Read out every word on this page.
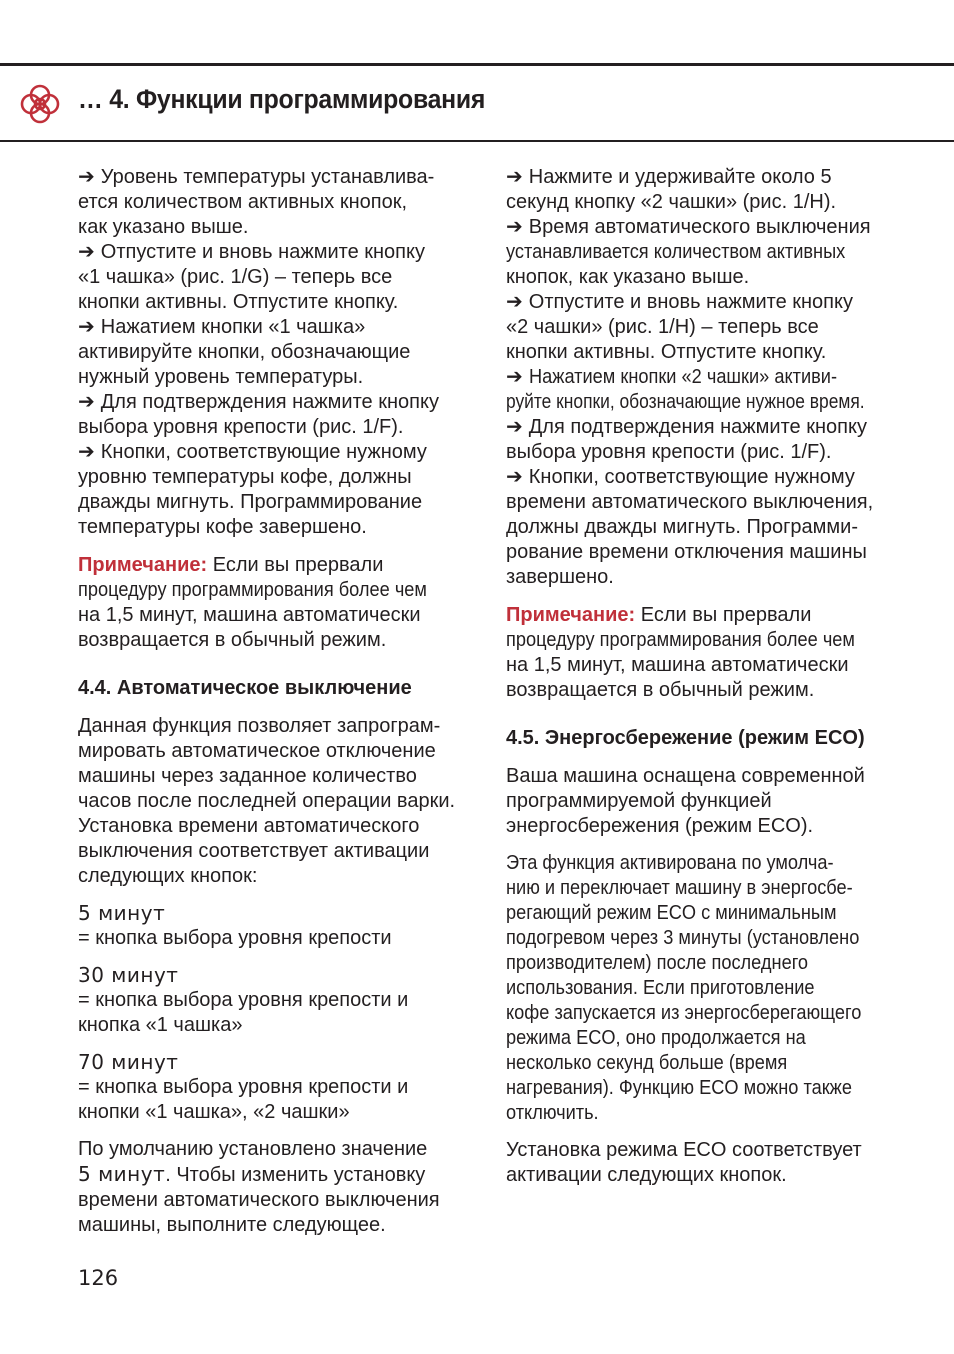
… 4. Функции программирования
➔ Уровень температуры устанавлива-
ется количеством активных кнопок,
как указано выше.
➔ Отпустите и вновь нажмите кнопку
«1 чашка» (рис. 1/G) – теперь все
кнопки активны. Отпустите кнопку.
➔ Нажатием кнопки «1 чашка»
активируйте кнопки, обозначающие
нужный уровень температуры.
➔ Для подтверждения нажмите кнопку
выбора уровня крепости (рис. 1/F).
➔ Кнопки, соответствующие нужному
уровню температуры кофе, должны
дважды мигнуть. Программирование
температуры кофе завершено.
Примечание: Если вы прервали
процедуру программирования более чем
на 1,5 минут, машина автоматически
возвращается в обычный режим.
4.4. Автоматическое выключение
Данная функция позволяет запрограм-
мировать автоматическое отключение
машины через заданное количество
часов после последней операции варки.
Установка времени автоматического
выключения соответствует активации
следующих кнопок:
5 минут
= кнопка выбора уровня крепости
30 минут
= кнопка выбора уровня крепости и
кнопка «1 чашка»
70 минут
= кнопка выбора уровня крепости и
кнопки «1 чашка», «2 чашки»
По умолчанию установлено значение
5 минут. Чтобы изменить установку
времени автоматического выключения
машины, выполните следующее.
➔ Нажмите и удерживайте около 5
секунд кнопку «2 чашки» (рис. 1/H).
➔ Время автоматического выключения
устанавливается количеством активных
кнопок, как указано выше.
➔ Отпустите и вновь нажмите кнопку
«2 чашки» (рис. 1/H) – теперь все
кнопки активны. Отпустите кнопку.
➔ Нажатием кнопки «2 чашки» активи-
руйте кнопки, обозначающие нужное время.
➔ Для подтверждения нажмите кнопку
выбора уровня крепости (рис. 1/F).
➔ Кнопки, соответствующие нужному
времени автоматического выключения,
должны дважды мигнуть. Программи-
рование времени отключения машины
завершено.
Примечание: Если вы прервали
процедуру программирования более чем
на 1,5 минут, машина автоматически
возвращается в обычный режим.
4.5. Энергосбережение (режим ECO)
Ваша машина оснащена современной
программируемой функцией
энергосбережения (режим ECO).
Эта функция активирована по умолча-
нию и переключает машину в энергосбе-
регающий режим ECO с минимальным
подогревом через 3 минуты (установлено
производителем) после последнего
использования. Если приготовление
кофе запускается из энергосберегающего
режима ECO, оно продолжается на
несколько секунд больше (время
нагревания). Функцию ECO можно также
отключить.
Установка режима ECO соответствует
активации следующих кнопок.
126
